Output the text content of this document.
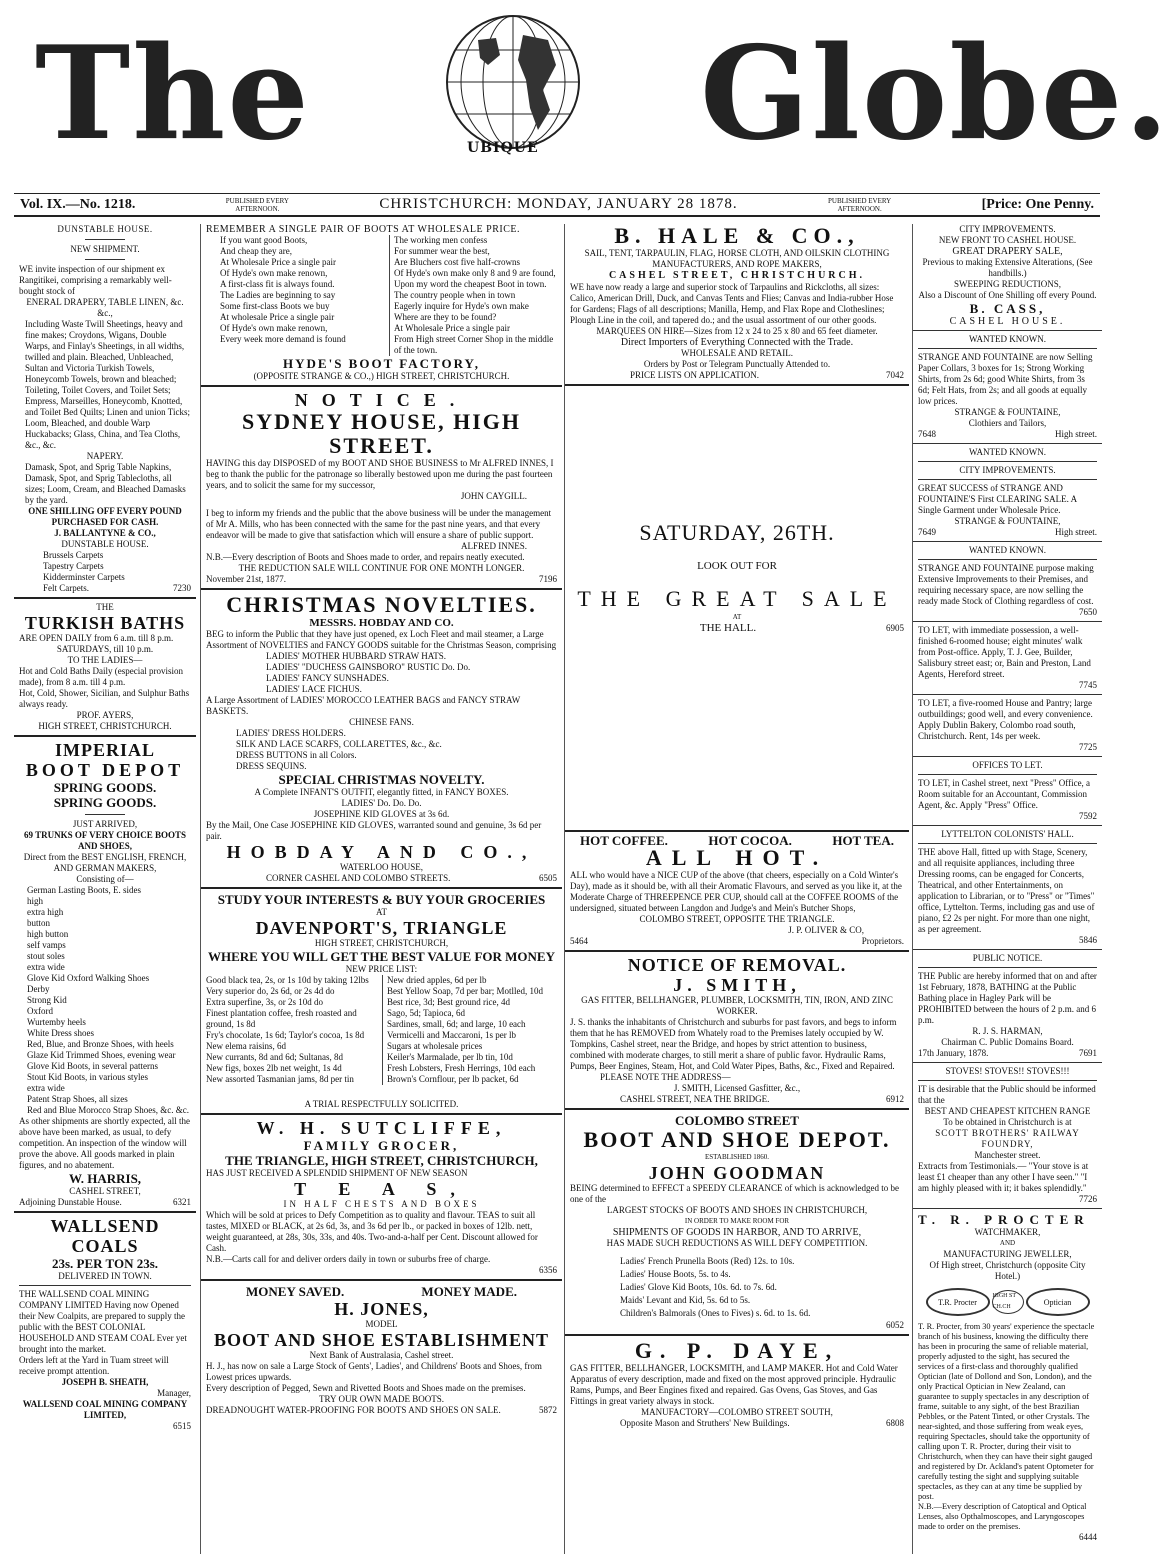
The	UBIQUE Globe.
Vol. IX.—No. 1218.	PUBLISHED EVERY AFTERNOON.	CHRISTCHURCH: MONDAY, JANUARY 28 1878.	PUBLISHED EVERY AFTERNOON.	[Price: One Penny.
DUNSTABLE HOUSE.
NEW SHIPMENT.

WE invite inspection of our shipment ex Rangitikei, comprising a remarkably well-bought stock of

ENERAL DRAPERY, TABLE LINEN, &c. &c.,

Including Waste Twill Sheetings, heavy and fine makes; Croydons, Wigans, Double Warps, and Finlay's Sheetings, in all widths, twilled and plain. Bleached, Unbleached, Sultan and Victoria Turkish Towels, Honeycomb Towels, brown and bleached; Toileting, Toilet Covers, and Toilet Sets; Empress, Marseilles, Honeycomb, Knotted, and Toilet Bed Quilts; Linen and union Ticks; Loom, Bleached, and double Warp Huckabacks; Glass, China, and Tea Cloths, &c., &c.

NAPERY.

Damask, Spot, and Sprig Table Napkins, Damask, Spot, and Sprig Tablecloths, all sizes; Loom, Cream, and Bleached Damasks by the yard.

ONE SHILLING OFF EVERY POUND PURCHASED FOR CASH.
J. BALLANTYNE & CO.,
DUNSTABLE HOUSE.
Brussels Carpets
Tapestry Carpets
Kidderminster Carpets
Felt Carpets.	7230
THE
TURKISH BATHS

ARE OPEN DAILY from 6 a.m. till 8 p.m.

SATURDAYS, till 10 p.m.
TO THE LADIES—

Hot and Cold Baths Daily (especial provision made), from 8 a.m. till 4 p.m.

Hot, Cold, Shower, Sicilian, and Sulphur Baths always ready.

PROF. AYERS,
HIGH STREET, CHRISTCHURCH.
IMPERIAL
BOOT DEPOT
SPRING GOODS.
SPRING GOODS.
JUST ARRIVED,
69 TRUNKS OF VERY CHOICE BOOTS AND SHOES,
Direct from the BEST ENGLISH, FRENCH, AND GERMAN MAKERS,
Consisting of—
German Lasting Boots, E. sides
high
extra high
button
high button
self vamps
stout soles
extra wide
Glove Kid Oxford Walking Shoes
Derby
Strong Kid
Oxford
Wurtemby heels
White Dress shoes
Red, Blue, and Bronze Shoes, with heels
Glaze Kid Trimmed Shoes, evening wear
Glove Kid Boots, in several patterns
Stout Kid Boots, in various styles
extra wide
Patent Strap Shoes, all sizes
Red and Blue Morocco Strap Shoes, &c. &c.

As other shipments are shortly expected, all the above have been marked, as usual, to defy competition. An inspection of the window will prove the above. All goods marked in plain figures, and no abatement.

W. HARRIS,
CASHEL STREET,
Adjoining Dunstable House.	6321
WALLSEND COALS
23s. PER TON 23s.
DELIVERED IN TOWN.

THE WALLSEND COAL MINING COMPANY LIMITED Having now Opened their New Coalpits, are prepared to supply the public with the BEST COLONIAL HOUSEHOLD AND STEAM COAL Ever yet brought into the market.

Orders left at the Yard in Tuam street will receive prompt attention.

JOSEPH B. SHEATH,
Manager,
WALLSEND COAL MINING COMPANY LIMITED,
6515
REMEMBER A SINGLE PAIR OF BOOTS AT WHOLESALE PRICE.
If you want good Boots,
And cheap they are,
At Wholesale Price a single pair
Of Hyde's own make renown,
A first-class fit is always found.
The Ladies are beginning to say
Some first-class Boots we buy
At wholesale Price a single pair
Of Hyde's own make renown,
Every week more demand is found
The working men confess
For summer wear the best,
Are Bluchers cost five half-crowns
Of Hyde's own make only 8 and 9 are found,
Upon my word the cheapest Boot in town.
The country people when in town
Eagerly inquire for Hyde's own make
Where are they to be found?
At Wholesale Price a single pair
From High street Corner Shop in the middle of the town.
HYDE'S BOOT FACTORY,
(OPPOSITE STRANGE & CO.,) HIGH STREET, CHRISTCHURCH.
NOTICE.
SYDNEY HOUSE, HIGH STREET.

HAVING this day DISPOSED of my BOOT AND SHOE BUSINESS to Mr ALFRED INNES, I beg to thank the public for the patronage so liberally bestowed upon me during the past fourteen years, and to solicit the same for my successor,

JOHN CAYGILL.

I beg to inform my friends and the public that the above business will be under the management of Mr A. Mills, who has been connected with the same for the past nine years, and that every endeavor will be made to give that satisfaction which will ensure a share of public support.

ALFRED INNES.

N.B.—Every description of Boots and Shoes made to order, and repairs neatly executed.

THE REDUCTION SALE WILL CONTINUE FOR ONE MONTH LONGER.
November 21st, 1877.	7196
CHRISTMAS NOVELTIES.
MESSRS. HOBDAY AND CO.

BEG to inform the Public that they have just opened, ex Loch Fleet and mail steamer, a Large Assortment of NOVELTIES and FANCY GOODS suitable for the Christmas Season, comprising

LADIES' MOTHER HUBBARD STRAW HATS.
LADIES' "DUCHESS GAINSBORO" RUSTIC Do. Do.
LADIES' FANCY SUNSHADES.
LADIES' LACE FICHUS.

A Large Assortment of LADIES' MOROCCO LEATHER BAGS and FANCY STRAW BASKETS.

CHINESE FANS.
LADIES' DRESS HOLDERS.
SILK AND LACE SCARFS, COLLARETTES, &c., &c.
DRESS BUTTONS in all Colors.
DRESS SEQUINS.
SPECIAL CHRISTMAS NOVELTY.
A Complete INFANT'S OUTFIT, elegantly fitted, in FANCY BOXES.
LADIES' Do. Do. Do.
JOSEPHINE KID GLOVES at 3s 6d.

By the Mail, One Case JOSEPHINE KID GLOVES, warranted sound and genuine, 3s 6d per pair.

HOBDAY AND CO.,
WATERLOO HOUSE,
CORNER CASHEL AND COLOMBO STREETS.	6505
STUDY YOUR INTERESTS & BUY YOUR GROCERIES
AT
DAVENPORT'S, TRIANGLE
HIGH STREET, CHRISTCHURCH,
WHERE YOU WILL GET THE BEST VALUE FOR MONEY
NEW PRICE LIST:
Good black tea, 2s, or 1s 10d by taking 12lbs
Very superior do, 2s 6d, or 2s 4d do
Extra superfine, 3s, or 2s 10d do
Finest plantation coffee, fresh roasted and ground, 1s 8d
Fry's chocolate, 1s 6d; Taylor's cocoa, 1s 8d
New elema raisins, 6d
New currants, 8d and 6d; Sultanas, 8d
New figs, boxes 2lb net weight, 1s 4d
New assorted Tasmanian jams, 8d per tin
New dried apples, 6d per lb
Best Yellow Soap, 7d per bar; Motlled, 10d
Best rice, 3d; Best ground rice, 4d
Sago, 5d; Tapioca, 6d
Sardines, small, 6d; and large, 10 each
Vermicelli and Maccaroni, 1s per lb
Sugars at wholesale prices
Keiler's Marmalade, per lb tin, 10d
Fresh Lobsters, Fresh Herrings, 10d each
Brown's Cornflour, per lb packet, 6d
A TRIAL RESPECTFULLY SOLICITED.
W. H. SUTCLIFFE,
FAMILY GROCER,
THE TRIANGLE, HIGH STREET, CHRISTCHURCH,

HAS JUST RECEIVED A SPLENDID SHIPMENT OF NEW SEASON

T E A S,
IN HALF CHESTS AND BOXES

Which will be sold at prices to Defy Competition as to quality and flavour. TEAS to suit all tastes, MIXED or BLACK, at 2s 6d, 3s, and 3s 6d per lb., or packed in boxes of 12lb. nett, weight guaranteed, at 28s, 30s, 33s, and 40s. Two-and-a-half per Cent. Discount allowed for Cash.

N.B.—Carts call for and deliver orders daily in town or suburbs free of charge.

6356
MONEY SAVED.	MONEY MADE.
H. JONES,
MODEL
BOOT AND SHOE ESTABLISHMENT
Next Bank of Australasia, Cashel street.

H. J., has now on sale a Large Stock of Gents', Ladies', and Childrens' Boots and Shoes, from Lowest prices upwards.

Every description of Pegged, Sewn and Rivetted Boots and Shoes made on the premises.

TRY OUR OWN MADE BOOTS.
DREADNOUGHT WATER-PROOFING FOR BOOTS AND SHOES ON SALE.	5872
B. HALE & CO.,
SAIL, TENT, TARPAULIN, FLAG, HORSE CLOTH, AND OILSKIN CLOTHING MANUFACTURERS, AND ROPE MAKERS,
CASHEL STREET, CHRISTCHURCH.

WE have now ready a large and superior stock of Tarpaulins and Rickcloths, all sizes: Calico, American Drill, Duck, and Canvas Tents and Flies; Canvas and India-rubber Hose for Gardens; Flags of all descriptions; Manilla, Hemp, and Flax Rope and Clotheslines; Plough Line in the coil, and tapered do.; and the usual assortment of our other goods.

MARQUEES ON HIRE—Sizes from 12 x 24 to 25 x 80 and 65 feet diameter.
Direct Importers of Everything Connected with the Trade.
WHOLESALE AND RETAIL.
Orders by Post or Telegram Punctually Attended to.
PRICE LISTS ON APPLICATION.	7042
SATURDAY, 26TH.
LOOK OUT FOR
THE GREAT SALE
AT
THE HALL.	6905
HOT COFFEE.	HOT COCOA.	HOT TEA.
ALL HOT.

ALL who would have a NICE CUP of the above (that cheers, especially on a Cold Winter's Day), made as it should be, with all their Aromatic Flavours, and served as you like it, at the Moderate Charge of THREEPENCE PER CUP, should call at the COFFEE ROOMS of the undersigned, situated between Langdon and Judge's and Mein's Butcher Shops,

COLOMBO STREET, OPPOSITE THE TRIANGLE.
J. P. OLIVER & CO,
5464	Proprietors.
NOTICE OF REMOVAL.
J. SMITH,
GAS FITTER, BELLHANGER, PLUMBER, LOCKSMITH, TIN, IRON, AND ZINC WORKER.

J. S. thanks the inhabitants of Christchurch and suburbs for past favors, and begs to inform them that he has REMOVED from Whately road to the Premises lately occupied by W. Tompkins, Cashel street, near the Bridge, and hopes by strict attention to business, combined with moderate charges, to still merit a share of public favor. Hydraulic Rams, Pumps, Beer Engines, Steam, Hot, and Cold Water Pipes, Baths, &c., Fixed and Repaired.

PLEASE NOTE THE ADDRESS—
J. SMITH, Licensed Gasfitter, &c.,
CASHEL STREET, NEA THE BRIDGE.	6912
COLOMBO STREET
BOOT AND SHOE DEPOT.
ESTABLISHED 1860.
JOHN GOODMAN

BEING determined to EFFECT a SPEEDY CLEARANCE of which is acknowledged to be one of the

LARGEST STOCKS OF BOOTS AND SHOES IN CHRISTCHURCH,
IN ORDER TO MAKE ROOM FOR
SHIPMENTS OF GOODS IN HARBOR, AND TO ARRIVE,
HAS MADE SUCH REDUCTIONS AS WILL DEFY COMPETITION.
Ladies' French Prunella Boots (Red) 12s. to 10s.
Ladies' House Boots, 5s. to 4s.
Ladies' Glove Kid Boots, 10s. 6d. to 7s. 6d.
Maids' Levant and Kid, 5s. 6d to 5s.
Children's Balmorals (Ones to Fives) s. 6d. to 1s. 6d.
6052
G. P. DAYE,

GAS FITTER, BELLHANGER, LOCKSMITH, and LAMP MAKER. Hot and Cold Water Apparatus of every description, made and fixed on the most approved principle. Hydraulic Rams, Pumps, and Beer Engines fixed and repaired. Gas Ovens, Gas Stoves, and Gas Fittings in great variety always in stock.

MANUFACTORY—COLOMBO STREET SOUTH,
Opposite Mason and Struthers' New Buildings.	6808
CITY IMPROVEMENTS.
NEW FRONT TO CASHEL HOUSE.
GREAT DRAPERY SALE,
Previous to making Extensive Alterations, (See handbills.)
SWEEPING REDUCTIONS,
Also a Discount of One Shilling off every Pound.
B. CASS,
CASHEL HOUSE.
WANTED KNOWN.

STRANGE AND FOUNTAINE are now Selling Paper Collars, 3 boxes for 1s; Strong Working Shirts, from 2s 6d; good White Shirts, from 3s 6d; Felt Hats, from 2s; and all goods at equally low prices.

STRANGE & FOUNTAINE,
Clothiers and Tailors,
7648	High street.
WANTED KNOWN.
CITY IMPROVEMENTS.

GREAT SUCCESS of STRANGE AND FOUNTAINE'S First CLEARING SALE. A Single Garment under Wholesale Price.

STRANGE & FOUNTAINE,
7649	High street.
WANTED KNOWN.

STRANGE AND FOUNTAINE purpose making Extensive Improvements to their Premises, and requiring necessary space, are now selling the ready made Stock of Clothing regardless of cost.

7650

TO LET, with immediate possession, a well-finished 6-roomed house; eight minutes' walk from Post-office. Apply, T. J. Gee, Builder, Salisbury street east; or, Bain and Preston, Land Agents, Hereford street.

7745

TO LET, a five-roomed House and Pantry; large outbuildings; good well, and every convenience. Apply Dublin Bakery, Colombo road south, Christchurch. Rent, 14s per week.

7725
OFFICES TO LET.

TO LET, in Cashel street, next "Press" Office, a Room suitable for an Accountant, Commission Agent, &c. Apply "Press" Office.

7592
LYTTELTON COLONISTS' HALL.

THE above Hall, fitted up with Stage, Scenery, and all requisite appliances, including three Dressing rooms, can be engaged for Concerts, Theatrical, and other Entertainments, on application to Librarian, or to "Press" or "Times" office, Lyttelton. Terms, including gas and use of piano, £2 2s per night. For more than one night, as per agreement.

5846
PUBLIC NOTICE.

THE Public are hereby informed that on and after 1st February, 1878, BATHING at the Public Bathing place in Hagley Park will be PROHIBITED between the hours of 2 p.m. and 6 p.m.

R. J. S. HARMAN,
Chairman C. Public Domains Board.
17th January, 1878.	7691
STOVES! STOVES!! STOVES!!!

IT is desirable that the Public should be informed that the

BEST AND CHEAPEST KITCHEN RANGE
To be obtained in Christchurch is at
SCOTT BROTHERS' RAILWAY FOUNDRY,
Manchester street.

Extracts from Testimonials.— "Your stove is at least £1 cheaper than any other I have seen." "I am highly pleased with it; it bakes splendidly."

7726
T. R. PROCTER
WATCHMAKER,
AND
MANUFACTURING JEWELLER,
Of High street, Christchurch (opposite City Hotel.)
T.R. Procter
HIGH ST CH.CH
Optician

T. R. Procter, from 30 years' experience the spectacle branch of his business, knowing the difficulty there has been in procuring the same of reliable material, properly adjusted to the sight, has secured the services of a first-class and thoroughly qualified Optician (late of Dollond and Son, London), and the only Practical Optician in New Zealand, can guarantee to supply spectacles in any description of frame, suitable to any sight, of the best Brazilian Pebbles, or the Patent Tinted, or other Crystals. The near-sighted, and those suffering from weak eyes, requiring Spectacles, should take the opportunity of calling upon T. R. Procter, during their visit to Christchurch, when they can have their sight gauged and registered by Dr. Ackland's patent Optometer for carefully testing the sight and supplying suitable spectacles, as they can at any time be supplied by post.

N.B.—Every description of Catoptical and Optical Lenses, also Opthalmoscopes, and Laryngoscopes made to order on the premises.

6444
